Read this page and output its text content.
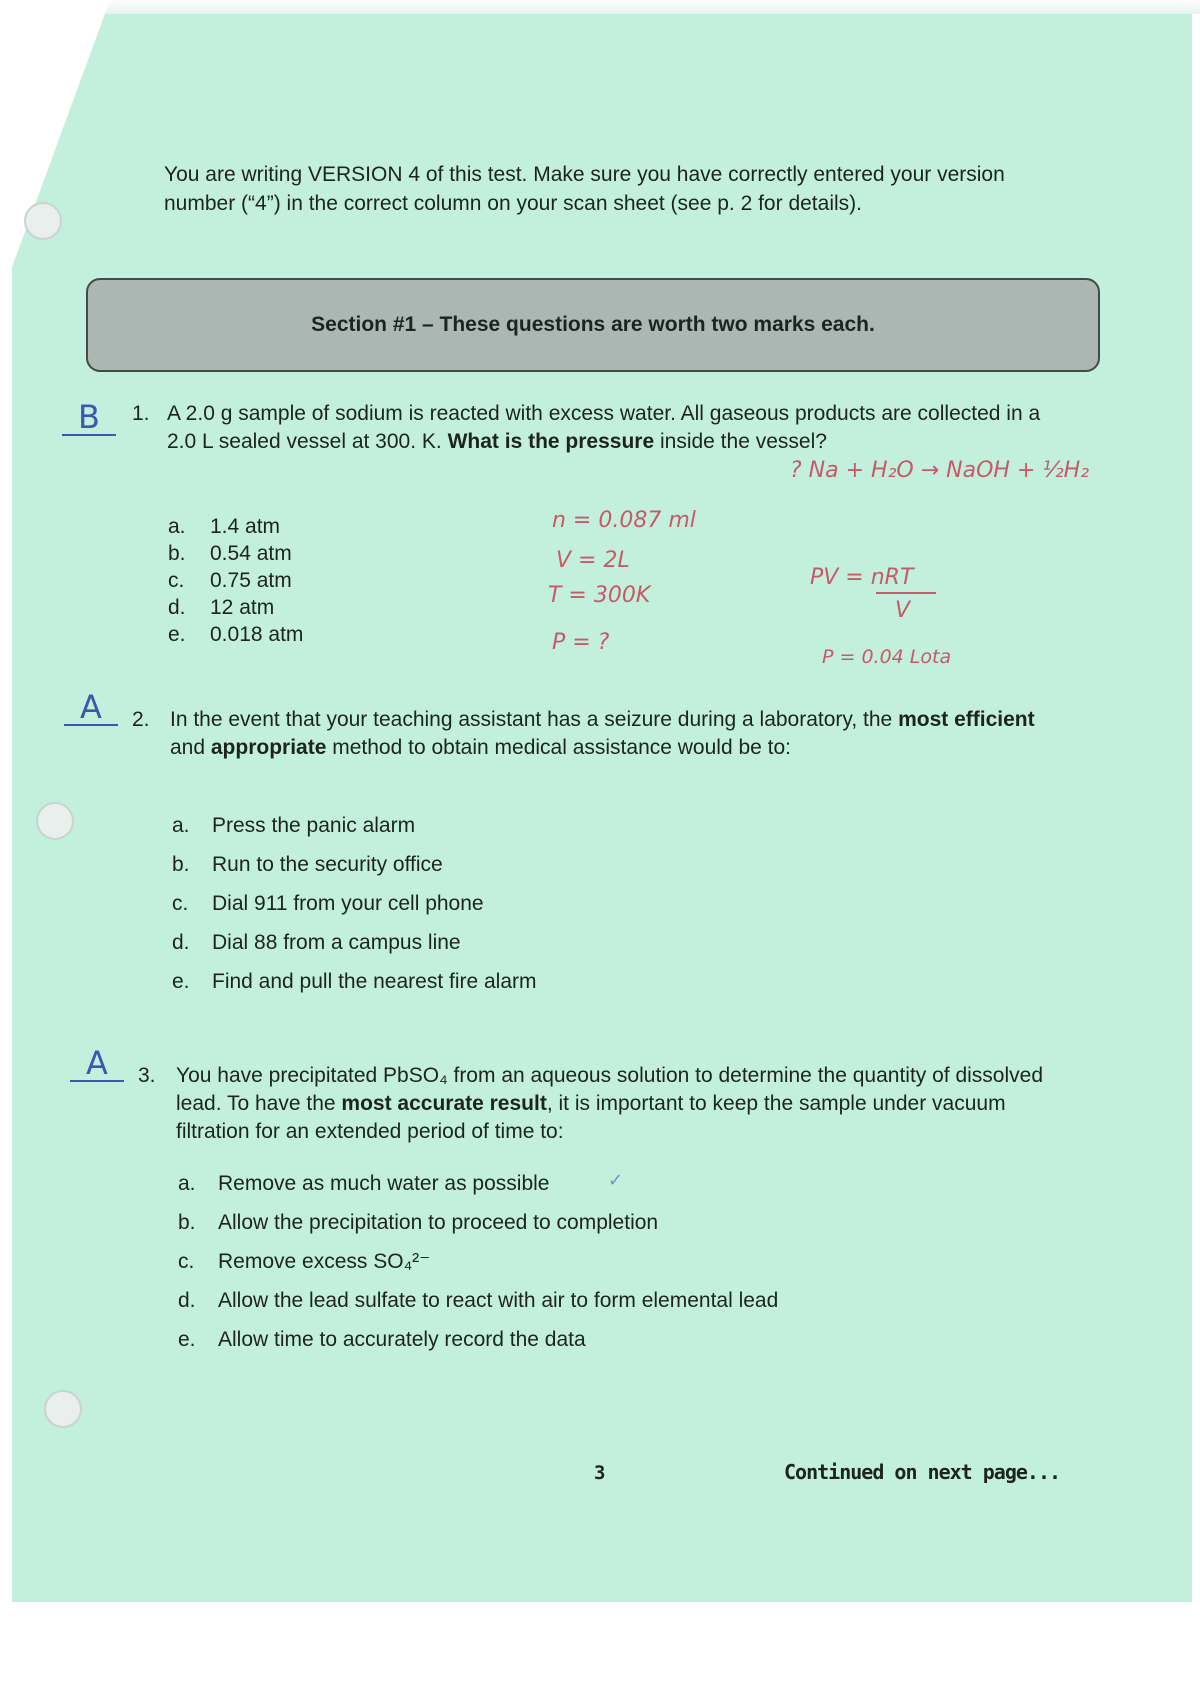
You are writing VERSION 4 of this test. Make sure you have correctly entered your version number (“4”) in the correct column on your scan sheet (see p. 2 for details).
Section #1 – These questions are worth two marks each.
B	1. A 2.0 g sample of sodium is reacted with excess water. All gaseous products are collected in a 2.0 L sealed vessel at 300. K. What is the pressure inside the vessel?
a. 1.4 atm
b. 0.54 atm
c. 0.75 atm
d. 12 atm
e. 0.018 atm
? Na + H₂O → NaOH + ½H₂
n = 0.087 ml
V = 2L
T = 300K
P = ?
PV = nRT
V
P = 0.04 Lota
A	2. In the event that your teaching assistant has a seizure during a laboratory, the most efficient and appropriate method to obtain medical assistance would be to:
a. Press the panic alarm
b. Run to the security office
c. Dial 911 from your cell phone
d. Dial 88 from a campus line
e. Find and pull the nearest fire alarm
A	3. You have precipitated PbSO₄ from an aqueous solution to determine the quantity of dissolved lead. To have the most accurate result, it is important to keep the sample under vacuum filtration for an extended period of time to:
a. Remove as much water as possible
b. Allow the precipitation to proceed to completion
c. Remove excess SO₄²⁻
d. Allow the lead sulfate to react with air to form elemental lead
e. Allow time to accurately record the data
✓
3	Continued on next page...
